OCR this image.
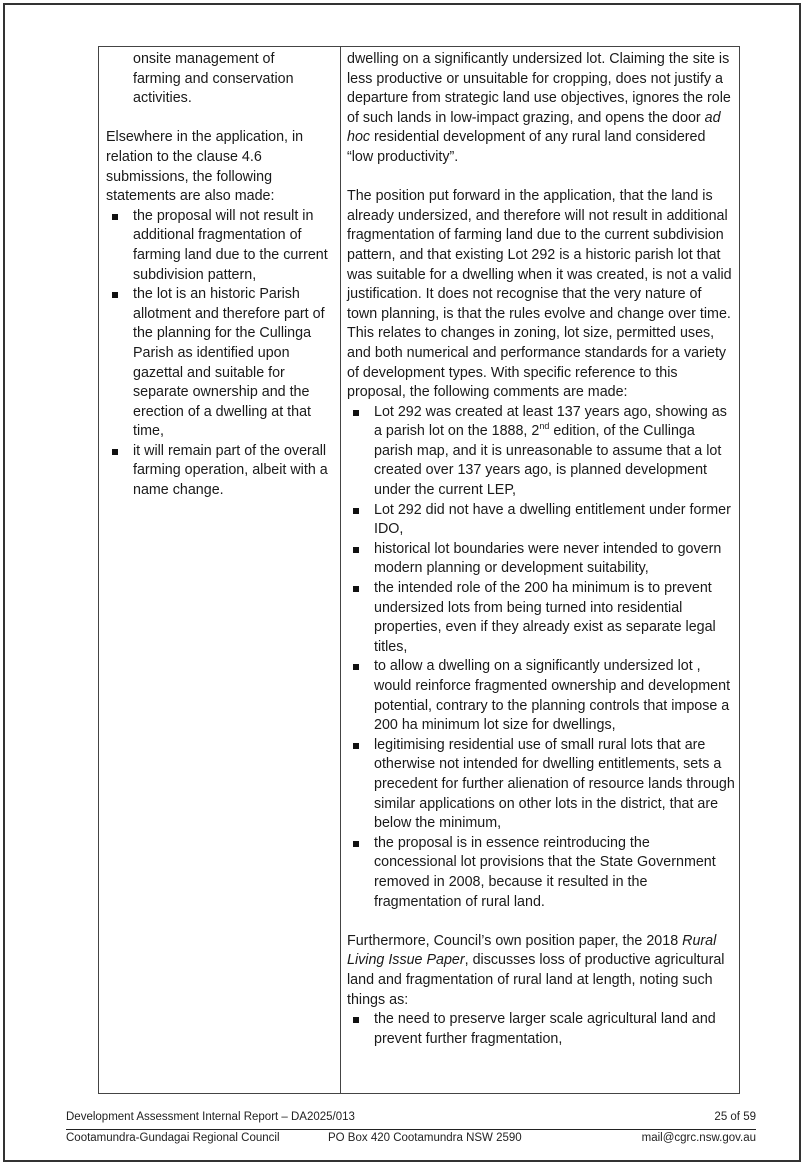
onsite management of

farming and conservation

activities.

Elsewhere in the application, in relation to the clause 4.6 submissions, the following statements are also made:

the proposal will not result in additional fragmentation of farming land due to the current subdivision pattern,
the lot is an historic Parish allotment and therefore part of the planning for the Cullinga Parish as identified upon gazettal and suitable for separate ownership and the erection of a dwelling at that time,
it will remain part of the overall farming operation, albeit with a name change.

dwelling on a significantly undersized lot. Claiming the site is less productive or unsuitable for cropping, does not justify a departure from strategic land use objectives, ignores the role of such lands in low-impact grazing, and opens the door ad hoc residential development of any rural land considered “low productivity”.

The position put forward in the application, that the land is already undersized, and therefore will not result in additional fragmentation of farming land due to the current subdivision pattern, and that existing Lot 292 is a historic parish lot that was suitable for a dwelling when it was created, is not a valid justification. It does not recognise that the very nature of town planning, is that the rules evolve and change over time. This relates to changes in zoning, lot size, permitted uses, and both numerical and performance standards for a variety of development types. With specific reference to this proposal, the following comments are made:

Lot 292 was created at least 137 years ago, showing as a parish lot on the 1888, 2nd edition, of the Cullinga parish map, and it is unreasonable to assume that a lot created over 137 years ago, is planned development under the current LEP,
Lot 292 did not have a dwelling entitlement under former IDO,
historical lot boundaries were never intended to govern modern planning or development suitability,
the intended role of the 200 ha minimum is to prevent undersized lots from being turned into residential properties, even if they already exist as separate legal titles,
to allow a dwelling on a significantly undersized lot , would reinforce fragmented ownership and development potential, contrary to the planning controls that impose a 200 ha minimum lot size for dwellings,
legitimising residential use of small rural lots that are otherwise not intended for dwelling entitlements, sets a precedent for further alienation of resource lands through similar applications on other lots in the district, that are below the minimum,
the proposal is in essence reintroducing the concessional lot provisions that the State Government removed in 2008, because it resulted in the fragmentation of rural land.

Furthermore, Council’s own position paper, the 2018 Rural Living Issue Paper, discusses loss of productive agricultural land and fragmentation of rural land at length, noting such things as:

the need to preserve larger scale agricultural land and prevent further fragmentation,
Development Assessment Internal Report – DA2025/013	25 of 59
Cootamundra-Gundagai Regional Council	PO Box 420 Cootamundra NSW 2590	mail@cgrc.nsw.gov.au
